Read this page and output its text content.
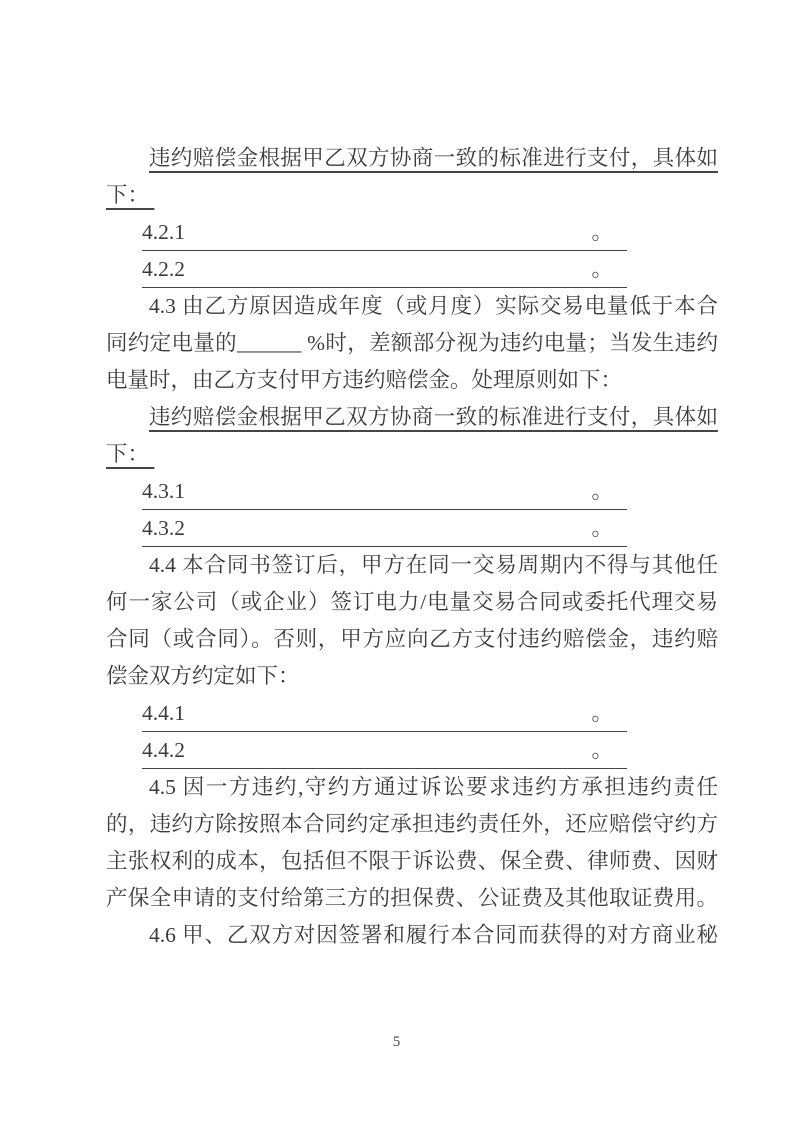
违约赔偿金根据甲乙双方协商一致的标准进行支付，具体如
下：
4.2.1	。
4.2.2	。
4.3 由乙方原因造成年度（或月度）实际交易电量低于本合
同约定电量的______ %时，差额部分视为违约电量；当发生违约
电量时，由乙方支付甲方违约赔偿金。处理原则如下：
违约赔偿金根据甲乙双方协商一致的标准进行支付，具体如
下：
4.3.1	。
4.3.2	。
4.4 本合同书签订后，甲方在同一交易周期内不得与其他任
何一家公司（或企业）签订电力/电量交易合同或委托代理交易
合同（或合同）。否则，甲方应向乙方支付违约赔偿金，违约赔
偿金双方约定如下：
4.4.1	。
4.4.2	。
4.5 因一方违约,守约方通过诉讼要求违约方承担违约责任
的，违约方除按照本合同约定承担违约责任外，还应赔偿守约方
主张权利的成本，包括但不限于诉讼费、保全费、律师费、因财
产保全申请的支付给第三方的担保费、公证费及其他取证费用。
4.6 甲、乙双方对因签署和履行本合同而获得的对方商业秘
5
